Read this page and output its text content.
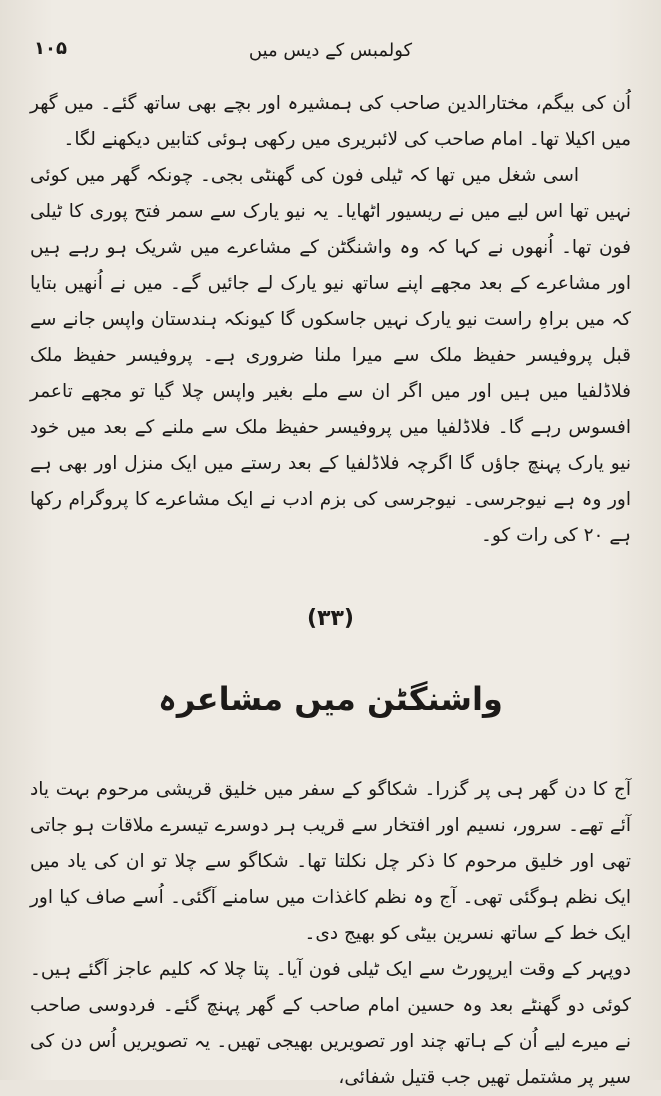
۱۰۵	کولمبس کے دیس میں

اُن کی بیگم، مختارالدین صاحب کی ہمشیرہ اور بچے بھی ساتھ گئے۔ میں گھر میں اکیلا تھا۔ امام صاحب کی لائبریری میں رکھی ہوئی کتابیں دیکھنے لگا۔

اسی شغل میں تھا کہ ٹیلی فون کی گھنٹی بجی۔ چونکہ گھر میں کوئی نہیں تھا اس لیے میں نے ریسیور اٹھایا۔ یہ نیو یارک سے سمر فتح پوری کا ٹیلی فون تھا۔ اُنھوں نے کہا کہ وہ واشنگٹن کے مشاعرے میں شریک ہو رہے ہیں اور مشاعرے کے بعد مجھے اپنے ساتھ نیو یارک لے جائیں گے۔ میں نے اُنھیں بتایا کہ میں براہِ راست نیو یارک نہیں جاسکوں گا کیونکہ ہندستان واپس جانے سے قبل پروفیسر حفیظ ملک سے میرا ملنا ضروری ہے۔ پروفیسر حفیظ ملک فلاڈلفیا میں ہیں اور میں اگر ان سے ملے بغیر واپس چلا گیا تو مجھے تاعمر افسوس رہے گا۔ فلاڈلفیا میں پروفیسر حفیظ ملک سے ملنے کے بعد میں خود نیو یارک پہنچ جاؤں گا اگرچہ فلاڈلفیا کے بعد رستے میں ایک منزل اور بھی ہے اور وہ ہے نیوجرسی۔ نیوجرسی کی بزم ادب نے ایک مشاعرے کا پروگرام رکھا ہے ۲۰ کی رات کو۔

(۳۳)
واشنگٹن میں مشاعرہ

آج کا دن گھر ہی پر گزرا۔ شکاگو کے سفر میں خلیق قریشی مرحوم بہت یاد آئے تھے۔ سرور، نسیم اور افتخار سے قریب ہر دوسرے تیسرے ملاقات ہو جاتی تھی اور خلیق مرحوم کا ذکر چل نکلتا تھا۔ شکاگو سے چلا تو ان کی یاد میں ایک نظم ہوگئی تھی۔ آج وہ نظم کاغذات میں سامنے آگئی۔ اُسے صاف کیا اور ایک خط کے ساتھ نسرین بیٹی کو بھیج دی۔

دوپہر کے وقت ایرپورٹ سے ایک ٹیلی فون آیا۔ پتا چلا کہ کلیم عاجز آگئے ہیں۔ کوئی دو گھنٹے بعد وہ حسین امام صاحب کے گھر پہنچ گئے۔ فردوسی صاحب نے میرے لیے اُن کے ہاتھ چند اور تصویریں بھیجی تھیں۔ یہ تصویریں اُس دن کی سیر پر مشتمل تھیں جب قتیل شفائی،
